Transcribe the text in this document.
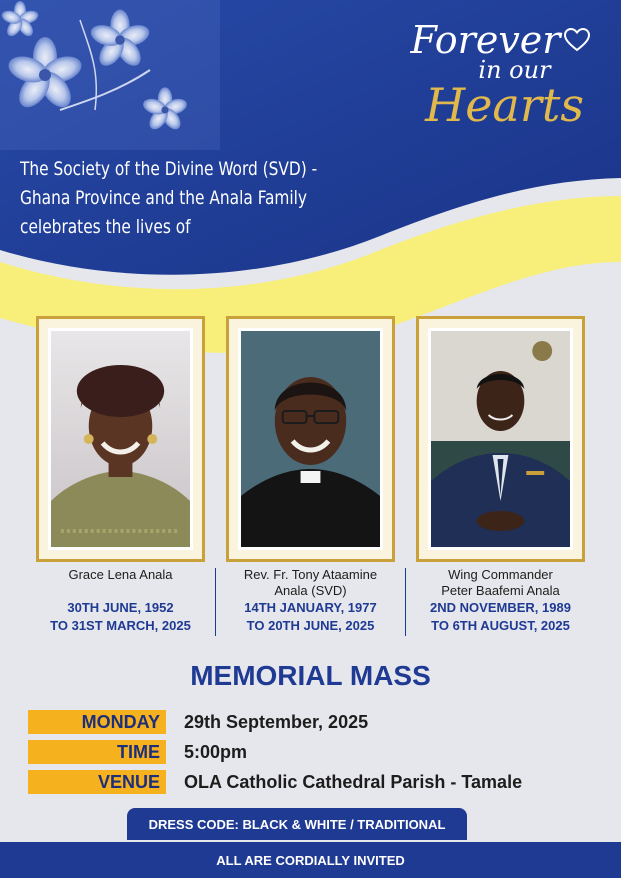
Forever
in our
Hearts
The Society of the Divine Word (SVD) -
Ghana Province and the Anala Family
celebrates the lives of
Grace Lena Anala
30TH JUNE, 1952
TO 31ST MARCH, 2025
Rev. Fr. Tony Ataamine
Anala (SVD)
14TH JANUARY, 1977
TO 20TH JUNE, 2025
Wing Commander
Peter Baafemi Anala
2ND NOVEMBER, 1989
TO 6TH AUGUST, 2025
MEMORIAL MASS
MONDAY	29th September, 2025
TIME	5:00pm
VENUE	OLA Catholic Cathedral Parish - Tamale
DRESS CODE: BLACK & WHITE / TRADITIONAL
ALL ARE CORDIALLY INVITED
